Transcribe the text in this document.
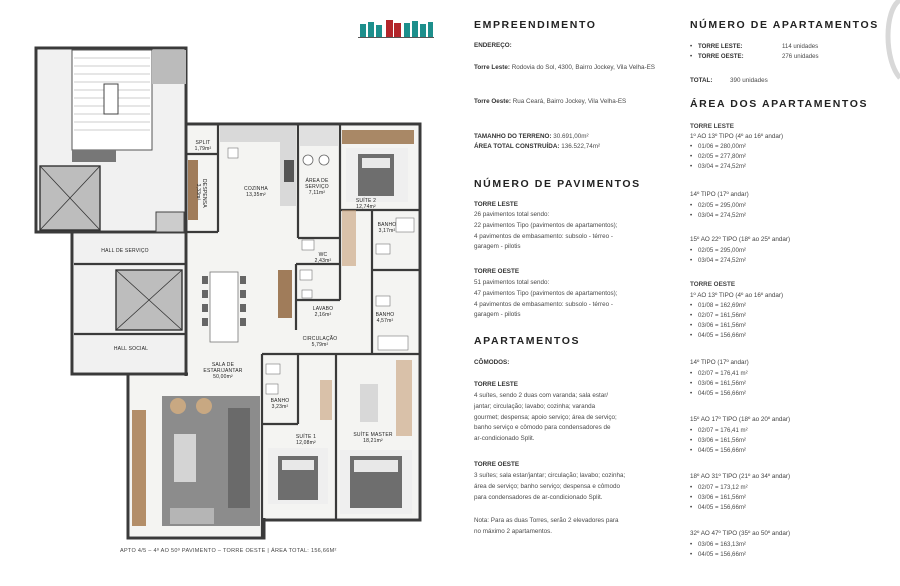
SPLIT
1,79m²
COZINHA
13,35m²
ÁREA DE SERVIÇO
7,11m²
SUÍTE 2
12,74m²
DESPENSA
3,33m²
BANHO
3,17m²
HALL DE SERVIÇO
WC
2,43m²
LAVABO
2,16m²	BANHO
4,57m²
HALL SOCIAL
CIRCULAÇÃO
5,79m²
SALA DE ESTAR/JANTAR
50,00m²
BANHO
3,23m²
SUÍTE 1
12,08m²
SUÍTE MASTER
18,21m²
APTO 4/5 – 4º AO 50º PAVIMENTO – TORRE OESTE | ÁREA TOTAL: 156,66M²
EMPREENDIMENTO
ENDEREÇO:
Torre Leste: Rodovia do Sol, 4300, Bairro Jockey, Vila Velha-ES
Torre Oeste: Rua Ceará, Bairro Jockey, Vila Velha-ES
TAMANHO DO TERRENO: 30.691,00m²
ÁREA TOTAL CONSTRUÍDA: 136.522,74m²
NÚMERO DE PAVIMENTOS
TORRE LESTE
26 pavimentos total sendo:
22 pavimentos Tipo (pavimentos de apartamentos);
4 pavimentos de embasamento: subsolo - térreo -
garagem - pilotis
TORRE OESTE
51 pavimentos total sendo:
47 pavimentos Tipo (pavimentos de apartamentos);
4 pavimentos de embasamento: subsolo - térreo -
garagem - pilotis
APARTAMENTOS
CÔMODOS:
TORRE LESTE
4 suítes, sendo 2 duas com varanda; sala estar/
jantar; circulação; lavabo; cozinha; varanda
gourmet; despensa; apoio serviço; área de serviço;
banho serviço e cômodo para condensadores de
ar-condicionado Split.
TORRE OESTE
3 suítes; sala estar/jantar; circulação; lavabo; cozinha;
área de serviço; banho serviço; despensa e cômodo
para condensadores de ar-condicionado Split.
Nota: Para as duas Torres, serão 2 elevadores para
no máximo 2 apartamentos.
NÚMERO DE APARTAMENTOS
• TORRE LESTE:	114 unidades
• TORRE OESTE:	276 unidades
TOTAL:	390 unidades
ÁREA DOS APARTAMENTOS
TORRE LESTE
1º AO 13º TIPO (4º ao 16º andar)
• 01/06 = 280,00m²
• 02/05 = 277,80m²
• 03/04 = 274,52m²
14º TIPO (17º andar)
• 02/05 = 295,00m²
• 03/04 = 274,52m²
15º AO 22º TIPO (18º ao 25º andar)
• 02/05 = 295,00m²
• 03/04 = 274,52m²
TORRE OESTE
1º AO 13º TIPO (4º ao 16º andar)
• 01/08 = 162,69m²
• 02/07 = 161,56m²
• 03/06 = 161,56m²
• 04/05 = 156,66m²
14º TIPO (17º andar)
• 02/07 = 176,41 m²
• 03/06 = 161,56m²
• 04/05 = 156,66m²
15º AO 17º TIPO (18º ao 20º andar)
• 02/07 = 176,41 m²
• 03/06 = 161,56m²
• 04/05 = 156,66m²
18º AO 31º TIPO (21º ao 34º andar)
• 02/07 = 173,12 m²
• 03/06 = 161,56m²
• 04/05 = 156,66m²
32º AO 47º TIPO (35º ao 50º andar)
• 03/06 = 163,13m²
• 04/05 = 156,66m²
